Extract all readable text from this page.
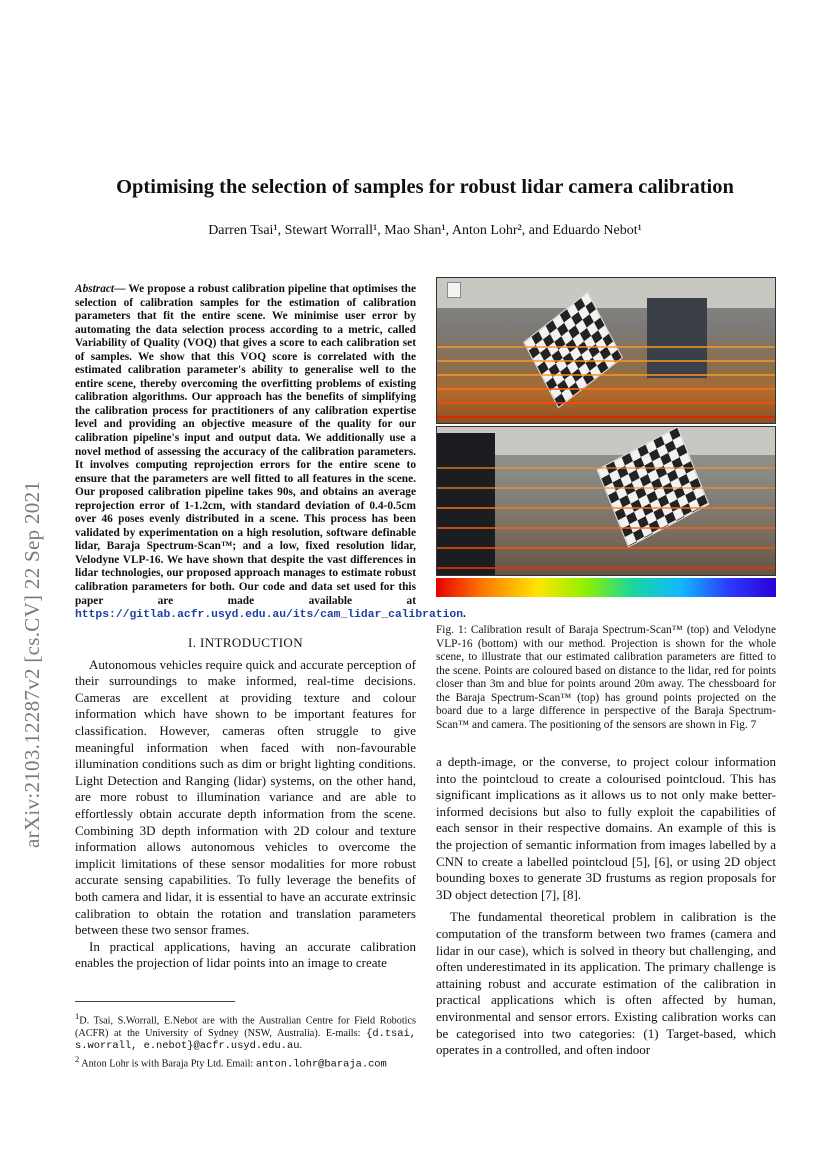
arXiv:2103.12287v2 [cs.CV] 22 Sep 2021
Optimising the selection of samples for robust lidar camera calibration
Darren Tsai¹, Stewart Worrall¹, Mao Shan¹, Anton Lohr², and Eduardo Nebot¹

Abstract— We propose a robust calibration pipeline that optimises the selection of calibration samples for the estimation of calibration parameters that fit the entire scene. We minimise user error by automating the data selection process according to a metric, called Variability of Quality (VOQ) that gives a score to each calibration set of samples. We show that this VOQ score is correlated with the estimated calibration parameter's ability to generalise well to the entire scene, thereby overcoming the overfitting problems of existing calibration algorithms. Our approach has the benefits of simplifying the calibration process for practitioners of any calibration expertise level and providing an objective measure of the quality for our calibration pipeline's input and output data. We additionally use a novel method of assessing the accuracy of the calibration parameters. It involves computing reprojection errors for the entire scene to ensure that the parameters are well fitted to all features in the scene. Our proposed calibration pipeline takes 90s, and obtains an average reprojection error of 1-1.2cm, with standard deviation of 0.4-0.5cm over 46 poses evenly distributed in a scene. This process has been validated by experimentation on a high resolution, software definable lidar, Baraja Spectrum-Scan™; and a low, fixed resolution lidar, Velodyne VLP-16. We have shown that despite the vast differences in lidar technologies, our proposed approach manages to estimate robust calibration parameters for both. Our code and data set used for this paper are made available at https://gitlab.acfr.usyd.edu.au/its/cam_lidar_calibration.

I. INTRODUCTION

Autonomous vehicles require quick and accurate perception of their surroundings to make informed, real-time decisions. Cameras are excellent at providing texture and colour information which have shown to be important features for classification. However, cameras often struggle to give meaningful information when faced with non-favourable illumination conditions such as dim or bright lighting conditions. Light Detection and Ranging (lidar) systems, on the other hand, are more robust to illumination variance and are able to effortlessly obtain accurate depth information from the scene. Combining 3D depth information with 2D colour and texture information allows autonomous vehicles to overcome the implicit limitations of these sensor modalities for more robust accurate sensing capabilities. To fully leverage the benefits of both camera and lidar, it is essential to have an accurate extrinsic calibration to obtain the rotation and translation parameters between these two sensor frames.

In practical applications, having an accurate calibration enables the projection of lidar points into an image to create

$^1$D. Tsai, S.Worrall, E.Nebot are with the Australian Centre for Field Robotics (ACFR) at the University of Sydney (NSW, Australia). E-mails: {d.tsai, s.worrall, e.nebot}@acfr.usyd.edu.au.

$^2$ Anton Lohr is with Baraja Pty Ltd. Email: anton.lohr@baraja.com

Fig. 1: Calibration result of Baraja Spectrum-Scan™ (top) and Velodyne VLP-16 (bottom) with our method. Projection is shown for the whole scene, to illustrate that our estimated calibration parameters are fitted to the scene. Points are coloured based on distance to the lidar, red for points closer than 3m and blue for points around 20m away. The chessboard for the Baraja Spectrum-Scan™ (top) has ground points projected on the board due to a large difference in perspective of the Baraja Spectrum-Scan™ and camera. The positioning of the sensors are shown in Fig. 7

a depth-image, or the converse, to project colour information into the pointcloud to create a colourised pointcloud. This has significant implications as it allows us to not only make better-informed decisions but also to fully exploit the capabilities of each sensor in their respective domains. An example of this is the projection of semantic information from images labelled by a CNN to create a labelled pointcloud [5], [6], or using 2D object bounding boxes to generate 3D frustums as region proposals for 3D object detection [7], [8].

The fundamental theoretical problem in calibration is the computation of the transform between two frames (camera and lidar in our case), which is solved in theory but challenging, and often underestimated in its application. The primary challenge is attaining robust and accurate estimation of the calibration in practical applications which is often affected by human, environmental and sensor errors. Existing calibration works can be categorised into two categories: (1) Target-based, which operates in a controlled, and often indoor
